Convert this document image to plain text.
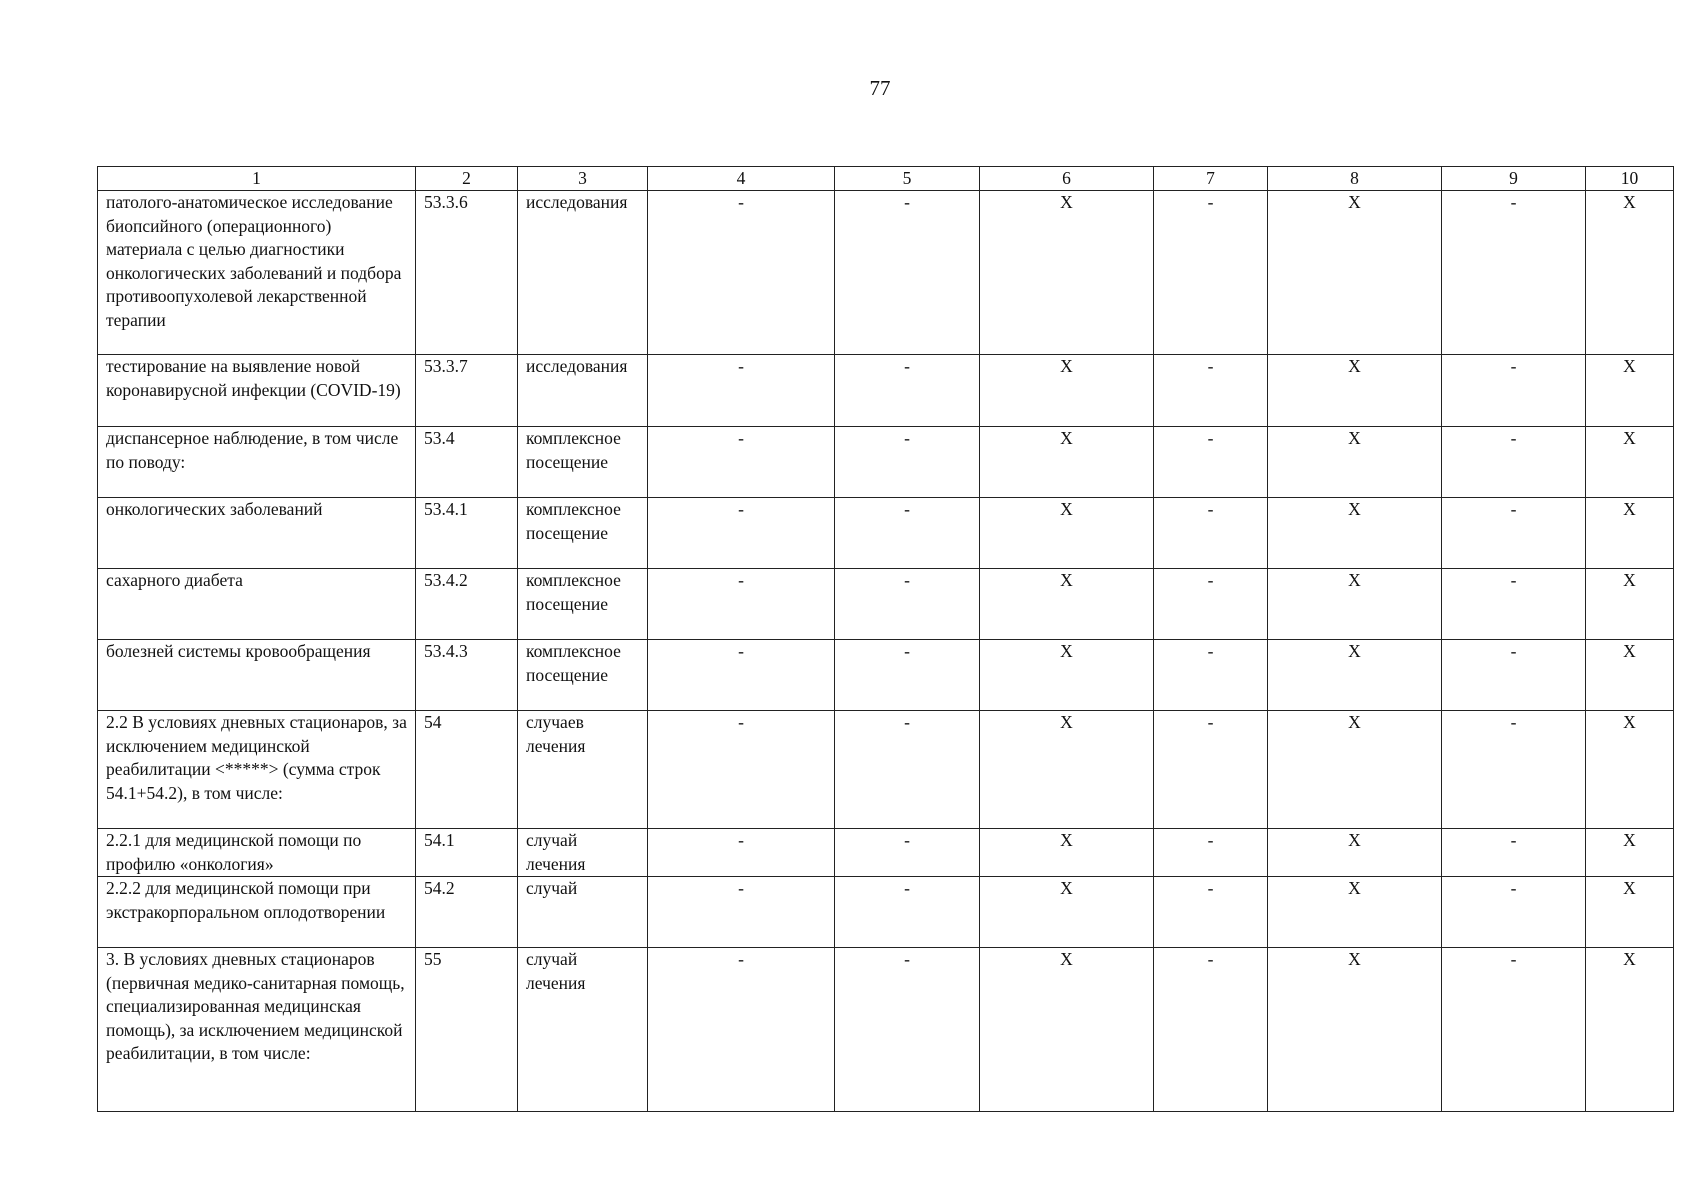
77
1	2	3	4	5	6	7	8	9	10
патолого-анатомическое исследование биопсийного (операционного) материала с целью диагностики онкологических заболеваний и подбора противоопухолевой лекарственной терапии	53.3.6	исследования	-	-	X	-	X	-	X
тестирование на выявление новой коронавирусной инфекции (COVID-19)	53.3.7	исследования	-	-	X	-	X	-	X
диспансерное наблюдение, в том числе по поводу:	53.4	комплексное посещение	-	-	X	-	X	-	X
онкологических заболеваний	53.4.1	комплексное посещение	-	-	X	-	X	-	X
сахарного диабета	53.4.2	комплексное посещение	-	-	X	-	X	-	X
болезней системы кровообращения	53.4.3	комплексное посещение	-	-	X	-	X	-	X
2.2 В условиях дневных стационаров, за исключением медицинской реабилитации <*****> (сумма строк 54.1+54.2), в том числе:	54	случаев лечения	-	-	X	-	X	-	X
2.2.1 для медицинской помощи по профилю «онкология»	54.1	случай лечения	-	-	X	-	X	-	X
2.2.2 для медицинской помощи при экстракорпоральном оплодотворении	54.2	случай	-	-	X	-	X	-	X
3. В условиях дневных стационаров (первичная медико-санитарная помощь, специализированная медицинская помощь), за исключением медицинской реабилитации, в том числе:	55	случай лечения	-	-	X	-	X	-	X
